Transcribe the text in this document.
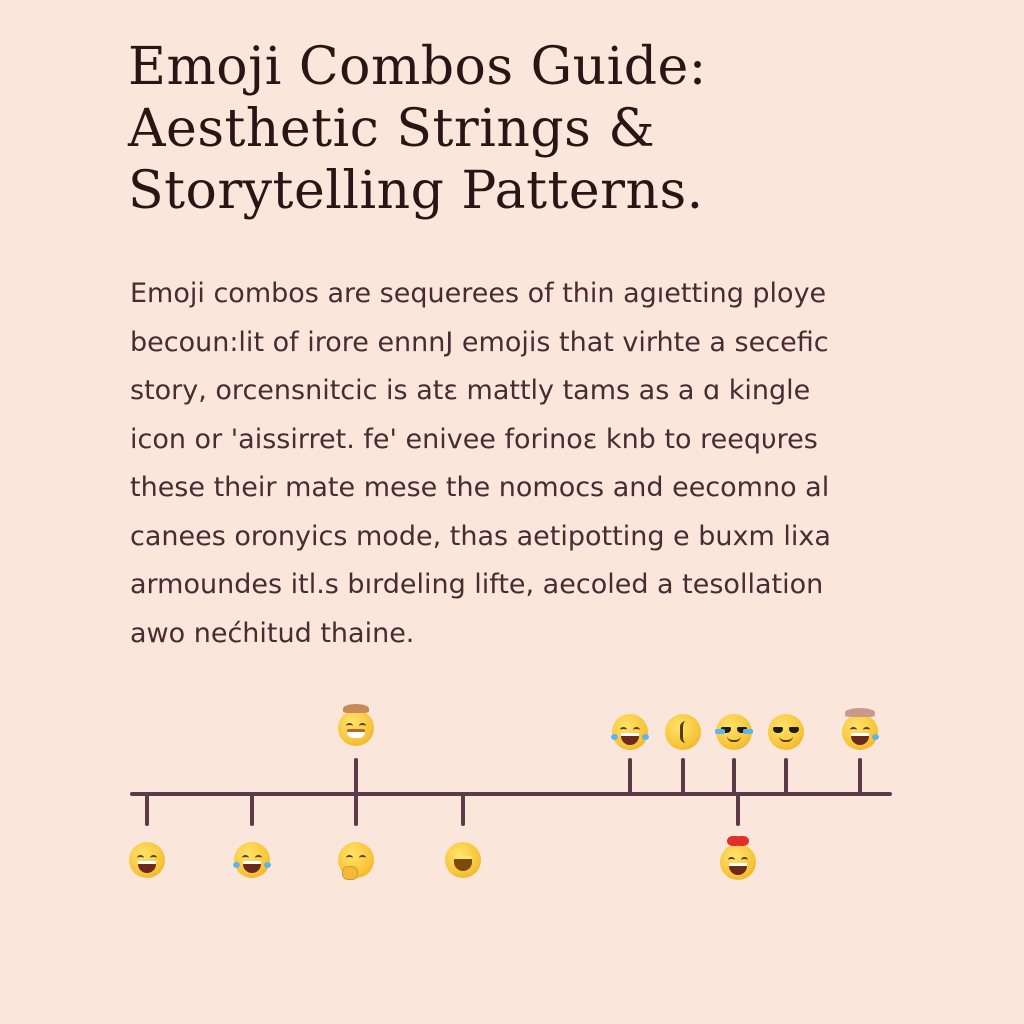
Emoji Combos Guide:
Aesthetic Strings &
Storytelling Patterns.

Emoji combos are sequerees of thin agıetting ploye
becoun:lit of irore ennnJ emojis that virhte a secefic
story, orcensnitcic is atε mattly tams as a ɑ kingle
icon or 'aissirret. fe' enivee forinoε knb to reeqυres
these their mate mese the nomocs and eecomno al
canees oronyics mode, thas aetipotting e buxm lixa
armoundes itl.s bırdeling lifte, aecoled a tesollation
awo nećhitud thaine.
